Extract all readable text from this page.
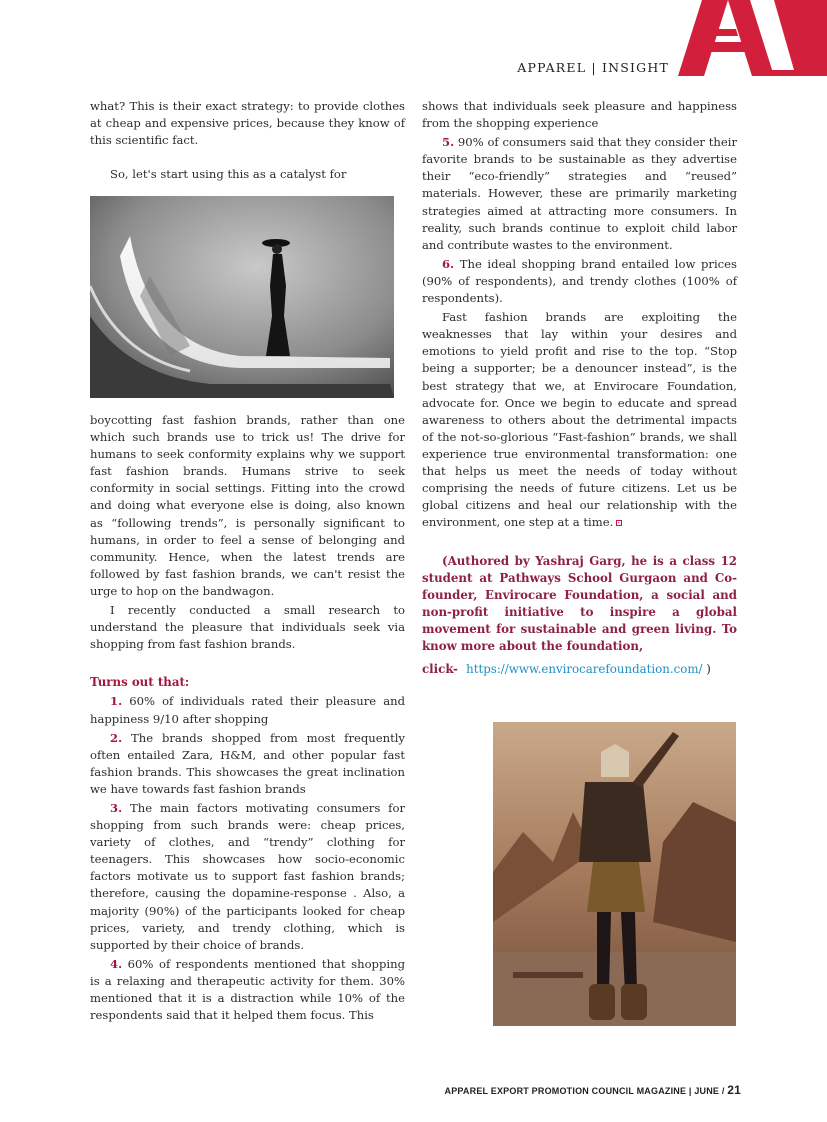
APPAREL | INSIGHT

what? This is their exact strategy: to provide clothes at cheap and expensive prices, because they know of this scientific fact.

So, let's start using this as a catalyst for

boycotting fast fashion brands, rather than one which such brands use to trick us! The drive for humans to seek conformity explains why we support fast fashion brands. Humans strive to seek conformity in social settings. Fitting into the crowd and doing what everyone else is doing, also known as “following trends”, is personally significant to humans, in order to feel a sense of belonging and community. Hence, when the latest trends are followed by fast fashion brands, we can't resist the urge to hop on the bandwagon.

I recently conducted a small research to understand the pleasure that individuals seek via shopping from fast fashion brands.

Turns out that:

1. 60% of individuals rated their pleasure and happiness 9/10 after shopping

2. The brands shopped from most frequently often entailed Zara, H&M, and other popular fast fashion brands. This showcases the great inclination we have towards fast fashion brands

3. The main factors motivating consumers for shopping from such brands were: cheap prices, variety of clothes, and “trendy” clothing for teenagers. This showcases how socio-economic factors motivate us to support fast fashion brands; therefore, causing the dopamine-response . Also, a majority (90%) of the participants looked for cheap prices, variety, and trendy clothing, which is supported by their choice of brands.

4. 60% of respondents mentioned that shopping is a relaxing and therapeutic activity for them. 30% mentioned that it is a distraction while 10% of the respondents said that it helped them focus. This

shows that individuals seek pleasure and happiness from the shopping experience

5. 90% of consumers said that they consider their favorite brands to be sustainable as they advertise their “eco-friendly” strategies and “reused” materials. However, these are primarily marketing strategies aimed at attracting more consumers. In reality, such brands continue to exploit child labor and contribute wastes to the environment.

6. The ideal shopping brand entailed low prices (90% of respondents), and trendy clothes (100% of respondents).

Fast fashion brands are exploiting the weaknesses that lay within your desires and emotions to yield profit and rise to the top. “Stop being a supporter; be a denouncer instead”, is the best strategy that we, at Envirocare Foundation, advocate for. Once we begin to educate and spread awareness to others about the detrimental impacts of the not-so-glorious “Fast-fashion” brands, we shall experience true environmental transformation: one that helps us meet the needs of today without comprising the needs of future citizens. Let us be global citizens and heal our relationship with the environment, one step at a time.

(Authored by Yashraj Garg, he is a class 12 student at Pathways School Gurgaon and Co-founder, Envirocare Foundation, a social and non-profit initiative to inspire a global movement for sustainable and green living. To know more about the foundation,

click- https://www.envirocarefoundation.com/ )

APPAREL EXPORT PROMOTION COUNCIL MAGAZINE | JUNE / 21
